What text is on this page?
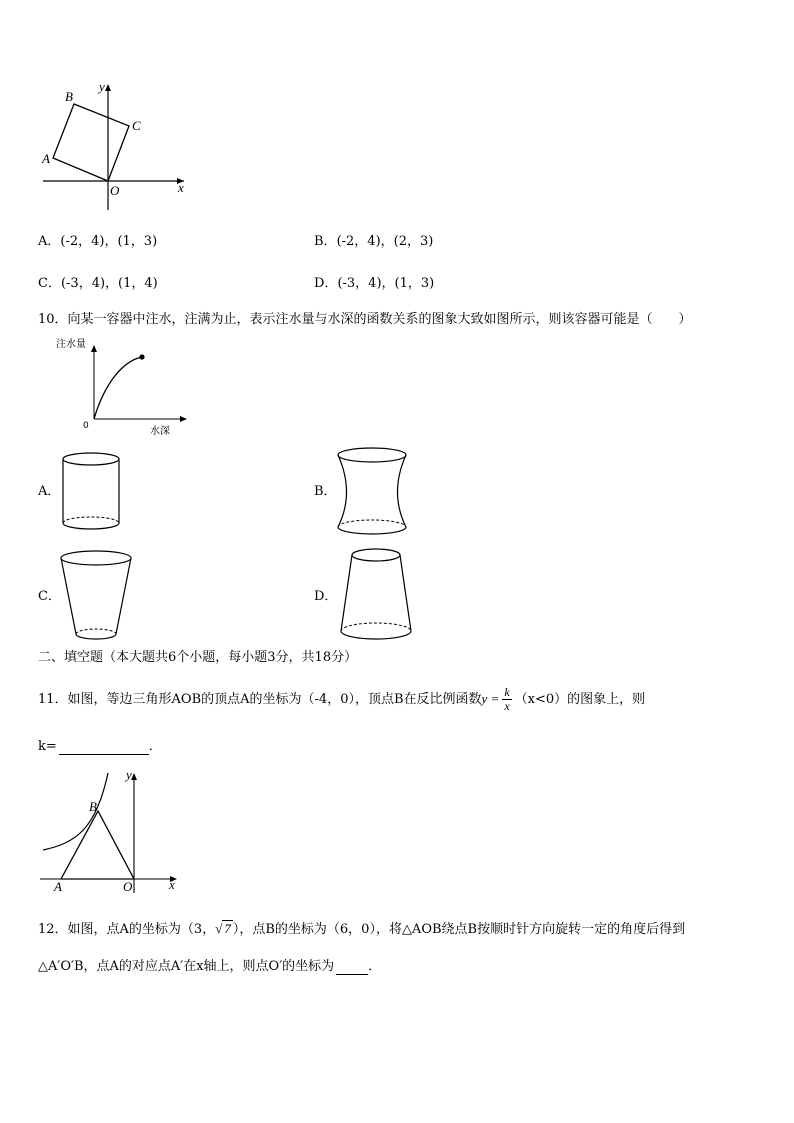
y
x
A
B
C
O
A．(-2，4)，(1，3)	B．(-2，4)，(2，3)
C．(-3，4)，(1，4)	D．(-3，4)，(1，3)
10．向某一容器中注水，注满为止，表示注水量与水深的函数关系的图象大致如图所示，则该容器可能是（　　）
注水量
水深
0
A．	B．
C．	D．
二、填空题（本大题共6个小题，每小题3分，共18分）
11．如图，等边三角形AOB的顶点A的坐标为（-4，0），顶点B在反比例函数$y = \frac{k}{x} (x<0)$的图象上，则
k=	．
y
x
A
B
O
12．如图，点A的坐标为（3，√ 7 ），点B的坐标为（6，0），将△AOB绕点B按顺时针方向旋转一定的角度后得到
△A′O′B，点A的对应点A′在x轴上，则点O′的坐标为	．
